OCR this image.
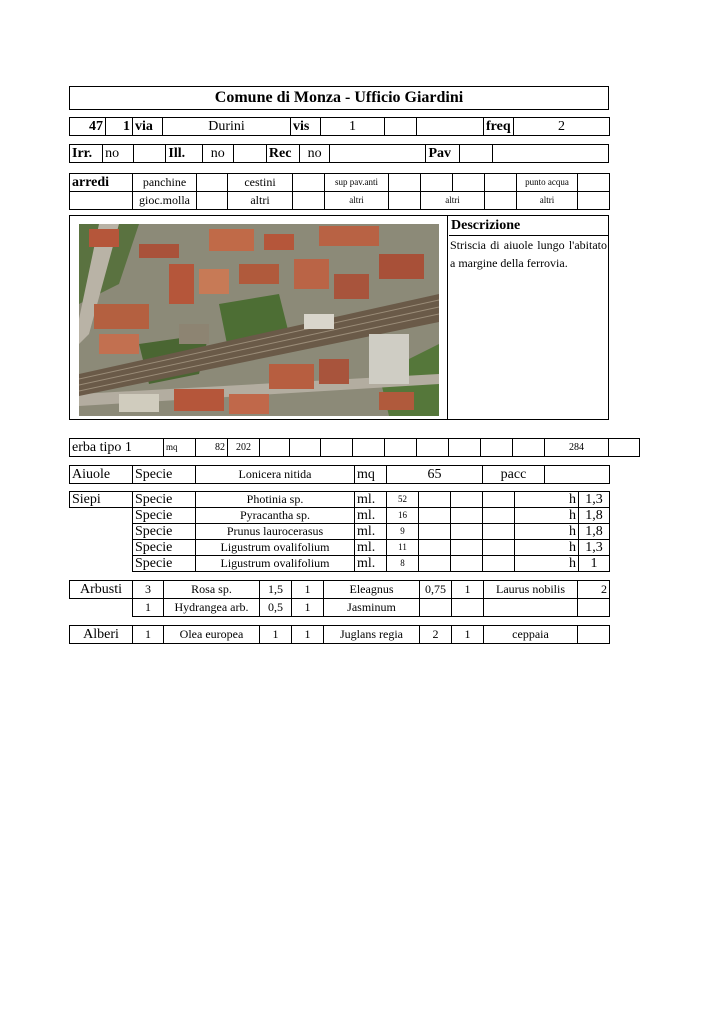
Comune di Monza - Ufficio Giardini
47	1	via	Durini	vis	1			freq	2
Irr.	no		Ill.	no		Rec	no		Pav		
arredi	panchine		cestini		sup pav.anti					punto acqua	
	gioc.molla		altri		altri		altri			altri	
Descrizione
Striscia di aiuole lungo l'abitato a margine della ferrovia.
erba tipo 1	mq	82	202										284	
Aiuole	Specie	Lonicera nitida	mq	65	pacc	
Siepi	Specie	Photinia sp.	ml.	52				h	1,3
	Specie	Pyracantha sp.	ml.	16				h	1,8
	Specie	Prunus laurocerasus	ml.	9				h	1,8
	Specie	Ligustrum ovalifolium	ml.	11				h	1,3
	Specie	Ligustrum ovalifolium	ml.	8				h	1
Arbusti	3	Rosa sp.	1,5	1	Eleagnus	0,75	1	Laurus nobilis	2
	1	Hydrangea arb.	0,5	1	Jasminum				
Alberi	1	Olea europea	1	1	Juglans regia	2	1	ceppaia	
